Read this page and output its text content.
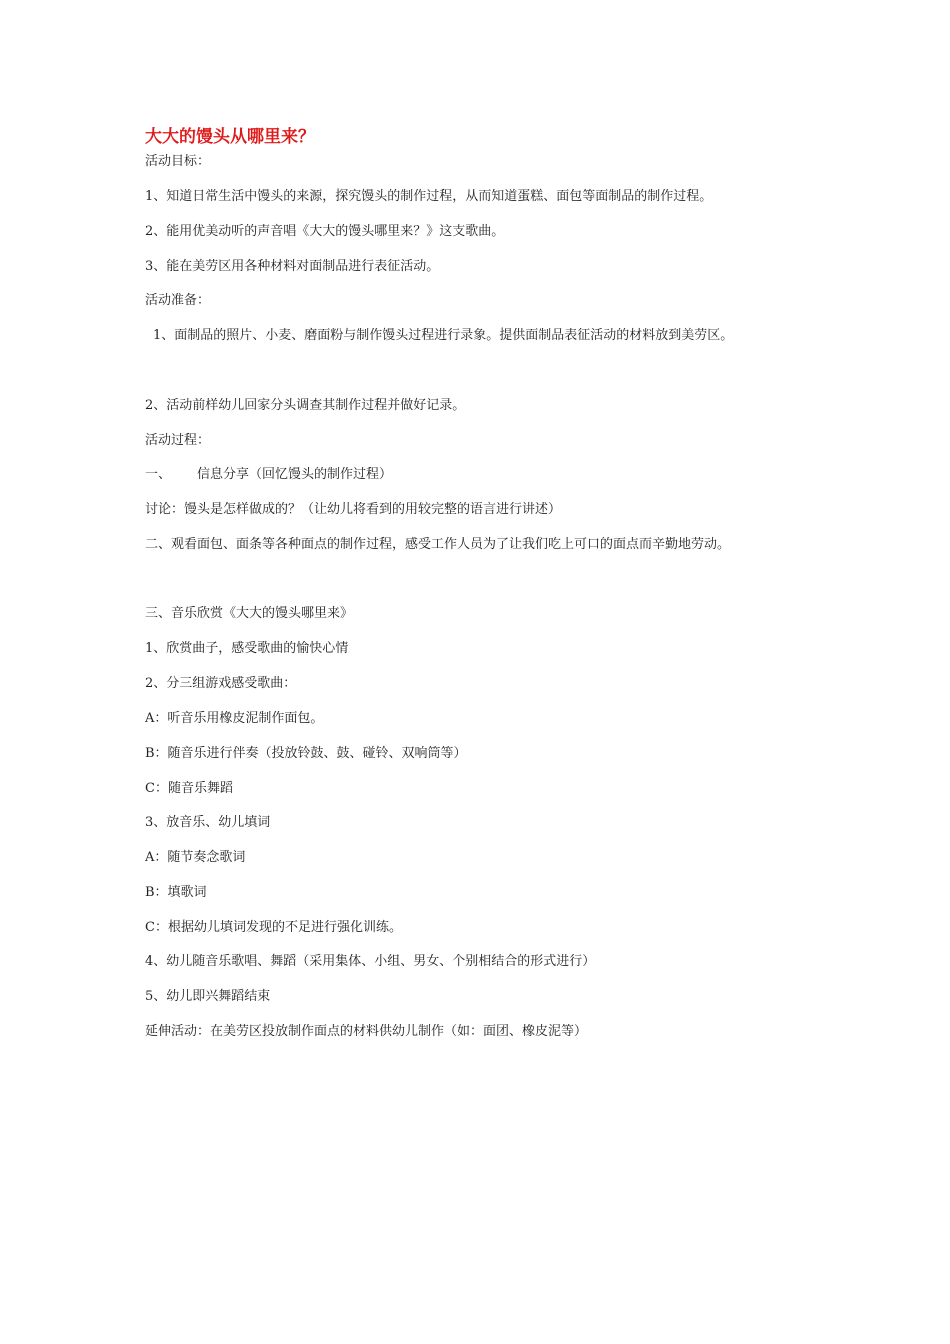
大大的馒头从哪里来？
活动目标：
1、知道日常生活中馒头的来源，探究馒头的制作过程，从而知道蛋糕、面包等面制品的制作过程。
2、能用优美动听的声音唱《大大的馒头哪里来？》这支歌曲。
3、能在美劳区用各种材料对面制品进行表征活动。
活动准备：
1、面制品的照片、小麦、磨面粉与制作馒头过程进行录象。提供面制品表征活动的材料放到美劳区。
2、活动前样幼儿回家分头调查其制作过程并做好记录。
活动过程：
一、 信息分享（回忆馒头的制作过程）
讨论：馒头是怎样做成的？（让幼儿将看到的用较完整的语言进行讲述）
二、观看面包、面条等各种面点的制作过程，感受工作人员为了让我们吃上可口的面点而辛勤地劳动。
三、音乐欣赏《大大的馒头哪里来》
1、欣赏曲子，感受歌曲的愉快心情
2、分三组游戏感受歌曲：
A：听音乐用橡皮泥制作面包。
B：随音乐进行伴奏（投放铃鼓、鼓、碰铃、双响筒等）
C：随音乐舞蹈
3、放音乐、幼儿填词
A：随节奏念歌词
B：填歌词
C：根据幼儿填词发现的不足进行强化训练。
4、幼儿随音乐歌唱、舞蹈（采用集体、小组、男女、个别相结合的形式进行）
5、幼儿即兴舞蹈结束
延伸活动：在美劳区投放制作面点的材料供幼儿制作（如：面团、橡皮泥等）
